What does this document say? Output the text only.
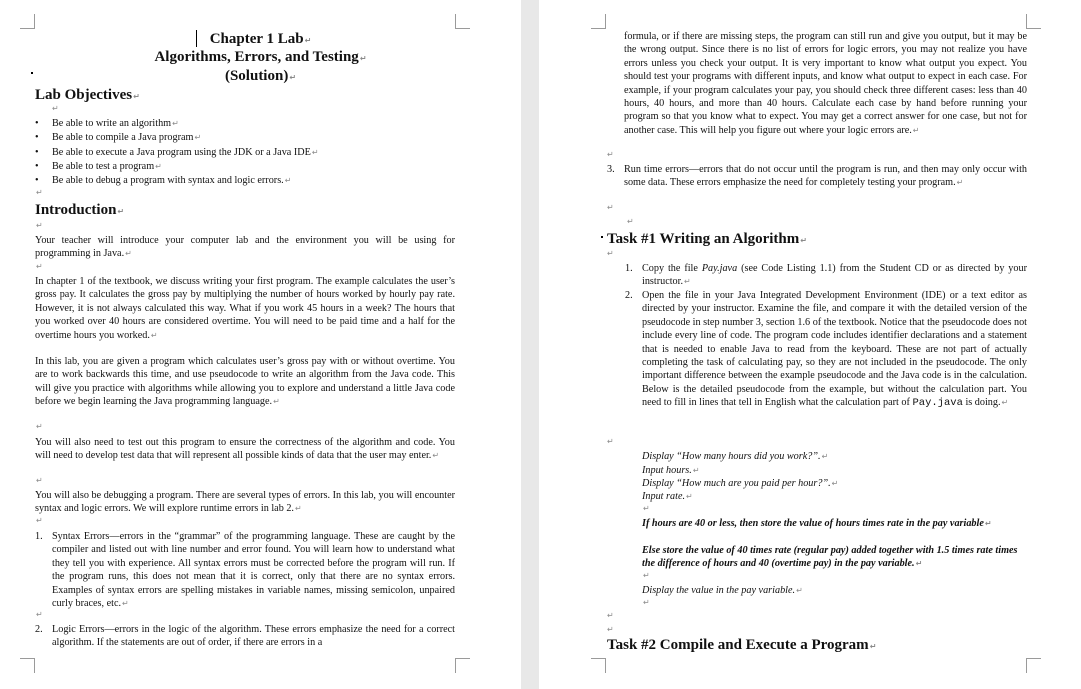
Chapter 1 Lab↵
Algorithms, Errors, and Testing↵
(Solution)↵
Lab Objectives↵
↵
• Be able to write an algorithm↵
• Be able to compile a Java program↵
• Be able to execute a Java program using the JDK or a Java IDE↵
• Be able to test a program↵
• Be able to debug a program with syntax and logic errors.↵
↵
Introduction↵
↵
Your teacher will introduce your computer lab and the environment you will be using for programming in Java.↵
↵
In chapter 1 of the textbook, we discuss writing your first program. The example calculates the user’s gross pay. It calculates the gross pay by multiplying the number of hours worked by hourly pay rate. However, it is not always calculated this way. What if you work 45 hours in a week? The hours that you worked over 40 hours are considered overtime. You will need to be paid time and a half for the overtime hours you worked.↵
In this lab, you are given a program which calculates user’s gross pay with or without overtime. You are to work backwards this time, and use pseudocode to write an algorithm from the Java code. This will give you practice with algorithms while allowing you to explore and understand a little Java code before we begin learning the Java programming language.↵
↵
You will also need to test out this program to ensure the correctness of the algorithm and code. You will need to develop test data that will represent all possible kinds of data that the user may enter.↵
↵
You will also be debugging a program. There are several types of errors. In this lab, you will encounter syntax and logic errors. We will explore runtime errors in lab 2.↵
↵
1. Syntax Errors—errors in the “grammar” of the programming language. These are caught by the compiler and listed out with line number and error found. You will learn how to understand what they tell you with experience. All syntax errors must be corrected before the program will run. If the program runs, this does not mean that it is correct, only that there are no syntax errors. Examples of syntax errors are spelling mistakes in variable names, missing semicolon, unpaired curly braces, etc.↵
↵
2. Logic Errors—errors in the logic of the algorithm. These errors emphasize the need for a correct algorithm. If the statements are out of order, if there are errors in a
formula, or if there are missing steps, the program can still run and give you output, but it may be the wrong output. Since there is no list of errors for logic errors, you may not realize you have errors unless you check your output. It is very important to know what output you expect. You should test your programs with different inputs, and know what output to expect in each case. For example, if your program calculates your pay, you should check three different cases: less than 40 hours, 40 hours, and more than 40 hours. Calculate each case by hand before running your program so that you know what to expect. You may get a correct answer for one case, but not for another case. This will help you figure out where your logic errors are.↵
↵
3. Run time errors—errors that do not occur until the program is run, and then may only occur with some data. These errors emphasize the need for completely testing your program.↵
↵
↵
Task #1 Writing an Algorithm↵
↵
1. Copy the file Pay.java (see Code Listing 1.1) from the Student CD or as directed by your instructor.↵
2. Open the file in your Java Integrated Development Environment (IDE) or a text editor as directed by your instructor. Examine the file, and compare it with the detailed version of the pseudocode in step number 3, section 1.6 of the textbook. Notice that the pseudocode does not include every line of code. The program code includes identifier declarations and a statement that is needed to enable Java to read from the keyboard. These are not part of actually completing the task of calculating pay, so they are not included in the pseudocode. The only important difference between the example pseudocode and the Java code is in the calculation. Below is the detailed pseudocode from the example, but without the calculation part. You need to fill in lines that tell in English what the calculation part of Pay.java is doing.↵
↵
Display “How many hours did you work?”.↵
Input hours.↵
Display “How much are you paid per hour?”.↵
Input rate.↵
↵
If hours are 40 or less, then store the value of hours times rate in the pay variable↵
Else store the value of 40 times rate (regular pay) added together with 1.5 times rate times the difference of hours and 40 (overtime pay) in the pay variable.↵
↵
Display the value in the pay variable.↵
↵
↵
↵
Task #2 Compile and Execute a Program↵
